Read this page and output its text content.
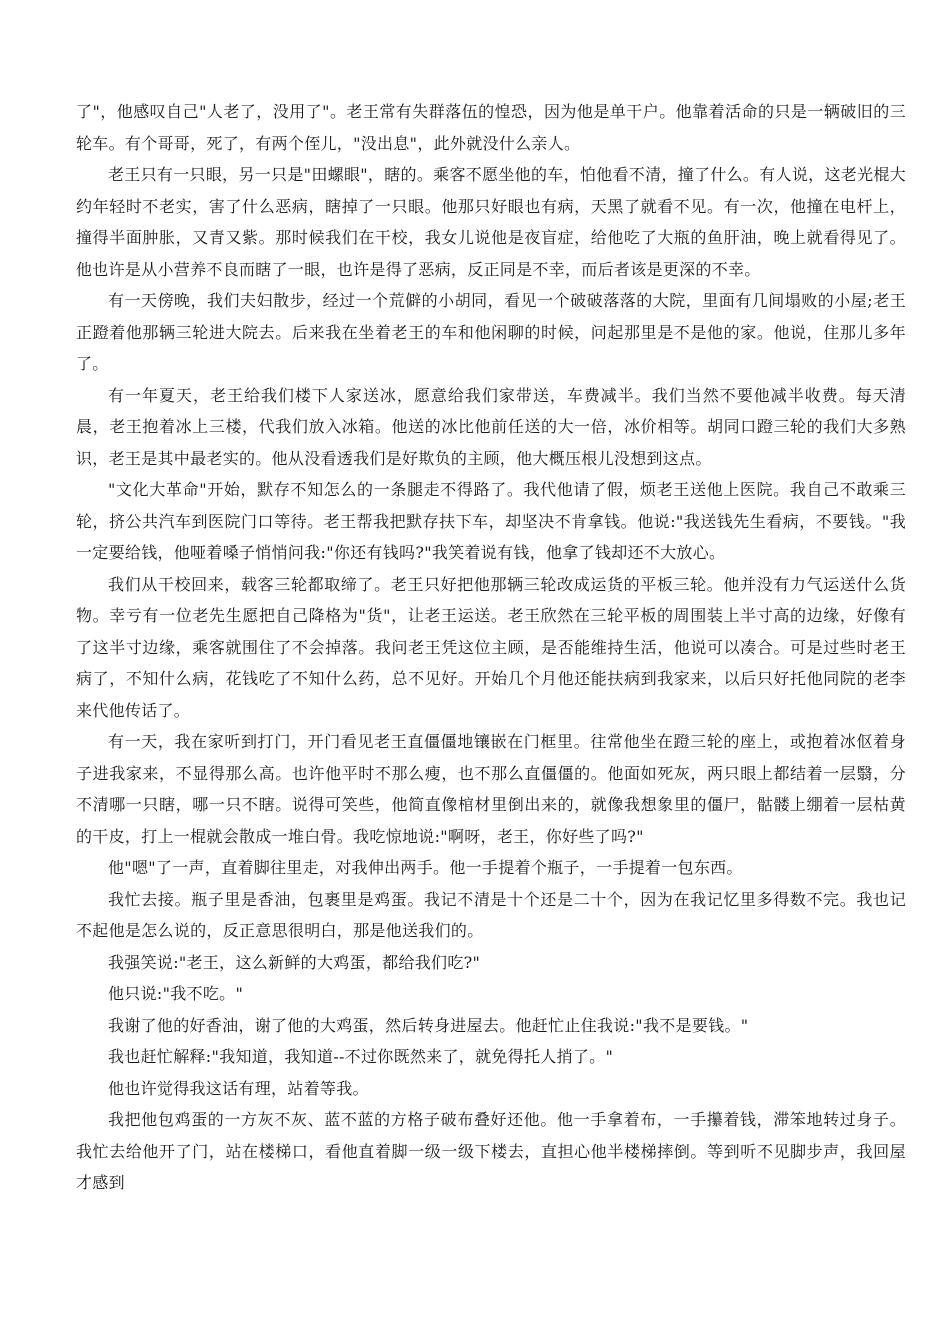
了"，他感叹自己"人老了，没用了"。老王常有失群落伍的惶恐，因为他是单干户。他靠着活命的只是一辆破旧的三轮车。有个哥哥，死了，有两个侄儿，"没出息"，此外就没什么亲人。

老王只有一只眼，另一只是"田螺眼"，瞎的。乘客不愿坐他的车，怕他看不清，撞了什么。有人说，这老光棍大约年轻时不老实，害了什么恶病，瞎掉了一只眼。他那只好眼也有病，天黑了就看不见。有一次，他撞在电杆上，撞得半面肿胀，又青又紫。那时候我们在干校，我女儿说他是夜盲症，给他吃了大瓶的鱼肝油，晚上就看得见了。他也许是从小营养不良而瞎了一眼，也许是得了恶病，反正同是不幸，而后者该是更深的不幸。

有一天傍晚，我们夫妇散步，经过一个荒僻的小胡同，看见一个破破落落的大院，里面有几间塌败的小屋;老王正蹬着他那辆三轮进大院去。后来我在坐着老王的车和他闲聊的时候，问起那里是不是他的家。他说，住那儿多年了。

有一年夏天，老王给我们楼下人家送冰，愿意给我们家带送，车费减半。我们当然不要他减半收费。每天清晨，老王抱着冰上三楼，代我们放入冰箱。他送的冰比他前任送的大一倍，冰价相等。胡同口蹬三轮的我们大多熟识，老王是其中最老实的。他从没看透我们是好欺负的主顾，他大概压根儿没想到这点。

"文化大革命"开始，默存不知怎么的一条腿走不得路了。我代他请了假，烦老王送他上医院。我自己不敢乘三轮，挤公共汽车到医院门口等待。老王帮我把默存扶下车，却坚决不肯拿钱。他说:"我送钱先生看病，不要钱。"我一定要给钱，他哑着嗓子悄悄问我:"你还有钱吗?"我笑着说有钱，他拿了钱却还不大放心。

我们从干校回来，载客三轮都取缔了。老王只好把他那辆三轮改成运货的平板三轮。他并没有力气运送什么货物。幸亏有一位老先生愿把自己降格为"货"，让老王运送。老王欣然在三轮平板的周围装上半寸高的边缘，好像有了这半寸边缘，乘客就围住了不会掉落。我问老王凭这位主顾，是否能维持生活，他说可以凑合。可是过些时老王病了，不知什么病，花钱吃了不知什么药，总不见好。开始几个月他还能扶病到我家来，以后只好托他同院的老李来代他传话了。

有一天，我在家听到打门，开门看见老王直僵僵地镶嵌在门框里。往常他坐在蹬三轮的座上，或抱着冰伛着身子进我家来，不显得那么高。也许他平时不那么瘦，也不那么直僵僵的。他面如死灰，两只眼上都结着一层翳，分不清哪一只瞎，哪一只不瞎。说得可笑些，他简直像棺材里倒出来的，就像我想象里的僵尸，骷髅上绷着一层枯黄的干皮，打上一棍就会散成一堆白骨。我吃惊地说:"啊呀，老王，你好些了吗?"

他"嗯"了一声，直着脚往里走，对我伸出两手。他一手提着个瓶子，一手提着一包东西。

我忙去接。瓶子里是香油，包裹里是鸡蛋。我记不清是十个还是二十个，因为在我记忆里多得数不完。我也记不起他是怎么说的，反正意思很明白，那是他送我们的。

我强笑说:"老王，这么新鲜的大鸡蛋，都给我们吃?"

他只说:"我不吃。"

我谢了他的好香油，谢了他的大鸡蛋，然后转身进屋去。他赶忙止住我说:"我不是要钱。"

我也赶忙解释:"我知道，我知道--不过你既然来了，就免得托人捎了。"

他也许觉得我这话有理，站着等我。

我把他包鸡蛋的一方灰不灰、蓝不蓝的方格子破布叠好还他。他一手拿着布，一手攥着钱，滞笨地转过身子。我忙去给他开了门，站在楼梯口，看他直着脚一级一级下楼去，直担心他半楼梯摔倒。等到听不见脚步声，我回屋才感到
